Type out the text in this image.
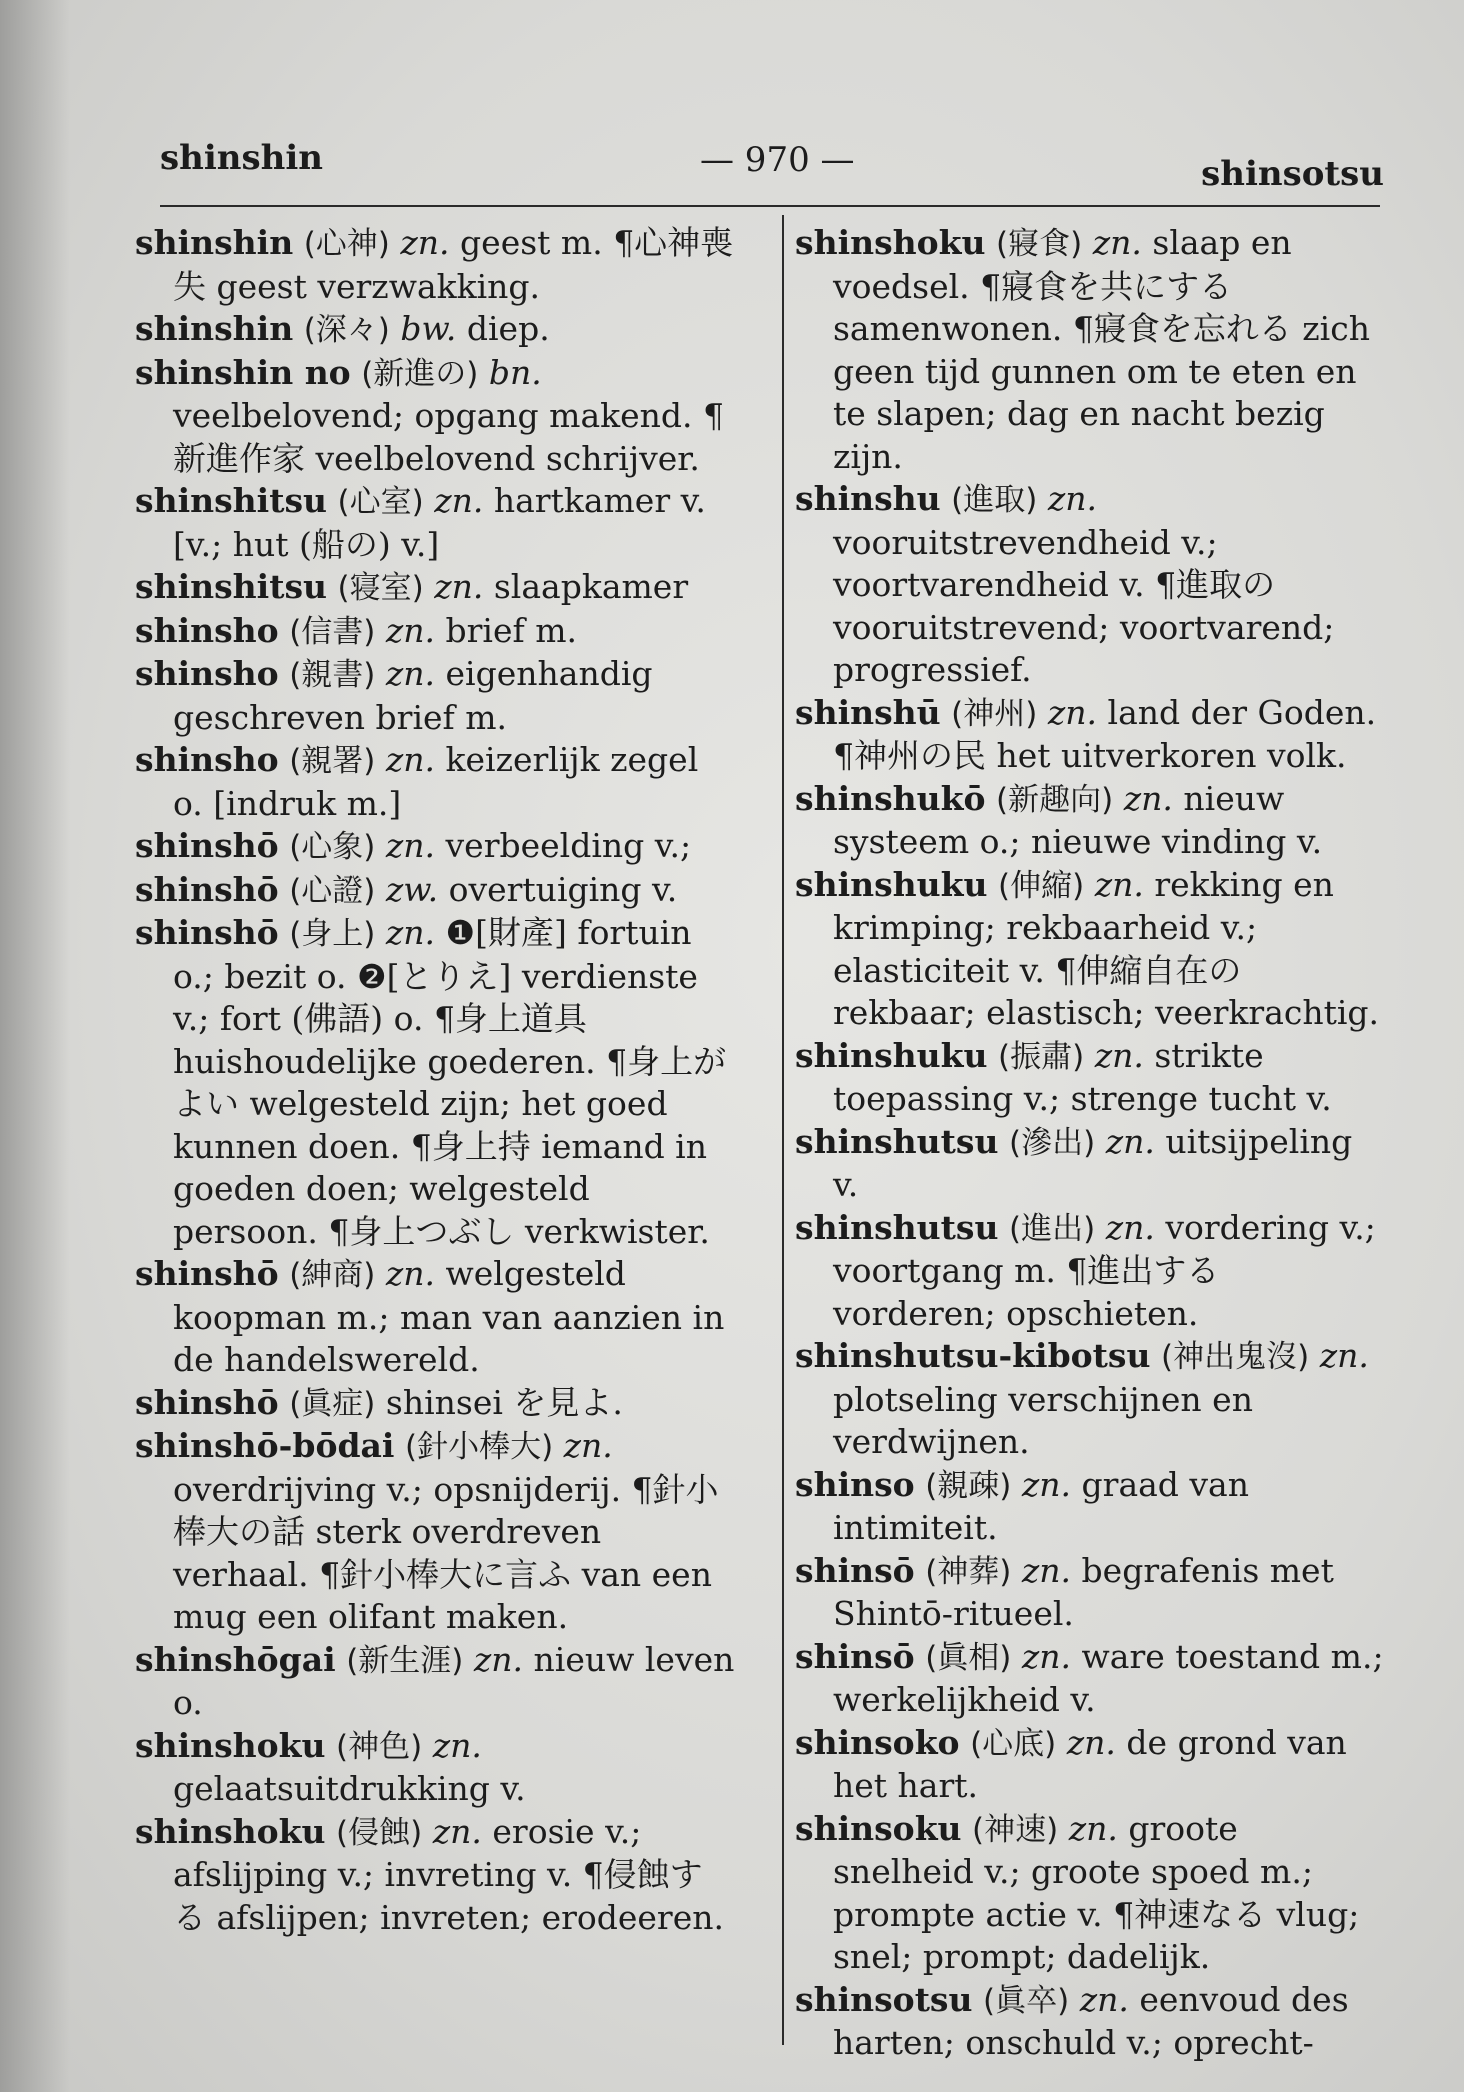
shinshin	— 970 —	shinsotsu

shinshin (心神) zn. geest m. ¶心神喪失 geest verzwakking.

shinshin (深々) bw. diep.

shinshin no (新進の) bn. veelbelovend; opgang makend. ¶新進作家 veelbelovend schrijver.

shinshitsu (心室) zn. hartkamer v. [v.; hut (船の) v.]

shinshitsu (寝室) zn. slaapkamer

shinsho (信書) zn. brief m.

shinsho (親書) zn. eigenhandig geschreven brief m.

shinsho (親署) zn. keizerlijk zegel o. [indruk m.]

shinshō (心象) zn. verbeelding v.;

shinshō (心證) zw. overtuiging v.

shinshō (身上) zn. ❶[財產] fortuin o.; bezit o. ❷[とりえ] verdienste v.; fort (佛語) o. ¶身上道具 huishoudelijke goederen. ¶身上がよい welgesteld zijn; het goed kunnen doen. ¶身上持 iemand in goeden doen; welgesteld persoon. ¶身上つぶし verkwister.

shinshō (紳商) zn. welgesteld koopman m.; man van aanzien in de handelswereld.

shinshō (眞症) shinsei を見よ.

shinshō-bōdai (針小棒大) zn. overdrijving v.; opsnijderij. ¶針小棒大の話 sterk overdreven verhaal. ¶針小棒大に言ふ van een mug een olifant maken.

shinshōgai (新生涯) zn. nieuw leven o.

shinshoku (神色) zn. gelaatsuitdrukking v.

shinshoku (侵蝕) zn. erosie v.; afslijping v.; invreting v. ¶侵蝕する afslijpen; invreten; erodeeren.

shinshoku (寢食) zn. slaap en voedsel. ¶寢食を共にする samenwonen. ¶寢食を忘れる zich geen tijd gunnen om te eten en te slapen; dag en nacht bezig zijn.

shinshu (進取) zn. vooruitstrevendheid v.; voortvarendheid v. ¶進取の vooruitstrevend; voortvarend; progressief.

shinshū (神州) zn. land der Goden. ¶神州の民 het uitverkoren volk.

shinshukō (新趣向) zn. nieuw systeem o.; nieuwe vinding v.

shinshuku (伸縮) zn. rekking en krimping; rekbaarheid v.; elasticiteit v. ¶伸縮自在の rekbaar; elastisch; veerkrachtig.

shinshuku (振肅) zn. strikte toepassing v.; strenge tucht v.

shinshutsu (滲出) zn. uitsijpeling v.

shinshutsu (進出) zn. vordering v.; voortgang m. ¶進出する vorderen; opschieten.

shinshutsu-kibotsu (神出鬼沒) zn. plotseling verschijnen en verdwijnen.

shinso (親疎) zn. graad van intimiteit.

shinsō (神葬) zn. begrafenis met Shintō-ritueel.

shinsō (眞相) zn. ware toestand m.; werkelijkheid v.

shinsoko (心底) zn. de grond van het hart.

shinsoku (神速) zn. groote snelheid v.; groote spoed m.; prompte actie v. ¶神速なる vlug; snel; prompt; dadelijk.

shinsotsu (眞卒) zn. eenvoud des harten; onschuld v.; oprecht-
